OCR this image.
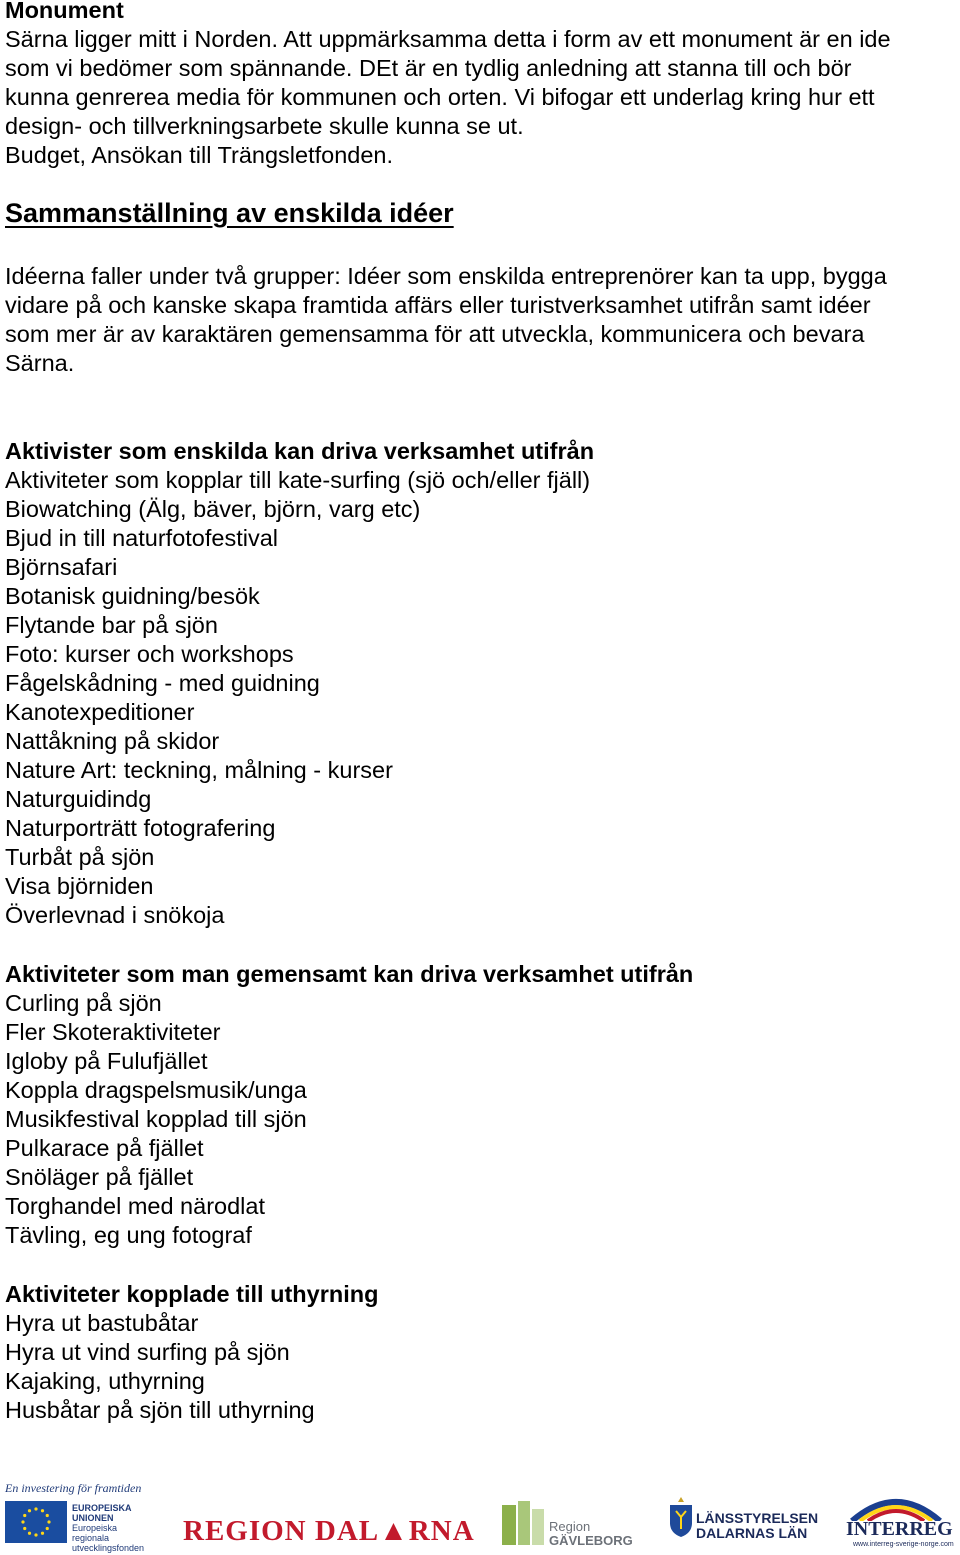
Monument
Särna ligger mitt i Norden. Att uppmärksamma detta i form av ett monument är en ide
som vi bedömer som spännande. DEt är en tydlig anledning att stanna till och bör
kunna genrerea media för kommunen och orten. Vi bifogar ett underlag kring hur ett
design- och tillverkningsarbete skulle kunna se ut.
Budget, Ansökan till Trängsletfonden.
Sammanställning av enskilda idéer
Idéerna faller under två grupper: Idéer som enskilda entreprenörer kan ta upp, bygga
vidare på och kanske skapa framtida affärs eller turistverksamhet utifrån samt idéer
som mer är av karaktären gemensamma för att utveckla, kommunicera och bevara
Särna.
Aktivister som enskilda kan driva verksamhet utifrån
Aktiviteter som kopplar till kate-surfing (sjö och/eller fjäll)
Biowatching (Älg, bäver, björn, varg etc)
Bjud in till naturfotofestival
Björnsafari
Botanisk guidning/besök
Flytande bar på sjön
Foto: kurser och workshops
Fågelskådning - med guidning
Kanotexpeditioner
Nattåkning på skidor
Nature Art: teckning, målning - kurser
Naturguidindg
Naturporträtt fotografering
Turbåt på sjön
Visa björniden
Överlevnad i snökoja
Aktiviteter som man gemensamt kan driva verksamhet utifrån
Curling på sjön
Fler Skoteraktiviteter
Igloby på Fulufjället
Koppla dragspelsmusik/unga
Musikfestival kopplad till sjön
Pulkarace på fjället
Snöläger på fjället
Torghandel med närodlat
Tävling, eg ung fotograf
Aktiviteter kopplade till uthyrning
Hyra ut bastubåtar
Hyra ut vind surfing på sjön
Kajaking, uthyrning
Husbåtar på sjön till uthyrning
En investering för framtiden
EUROPEISKA
UNIONEN
Europeiska
regionala
utvecklingsfonden
REGION DAL▲RNA	Region
GÄVLEBORG
LÄNSSTYRELSEN
DALARNAS LÄN	INTERREG
www.interreg-sverige-norge.com
